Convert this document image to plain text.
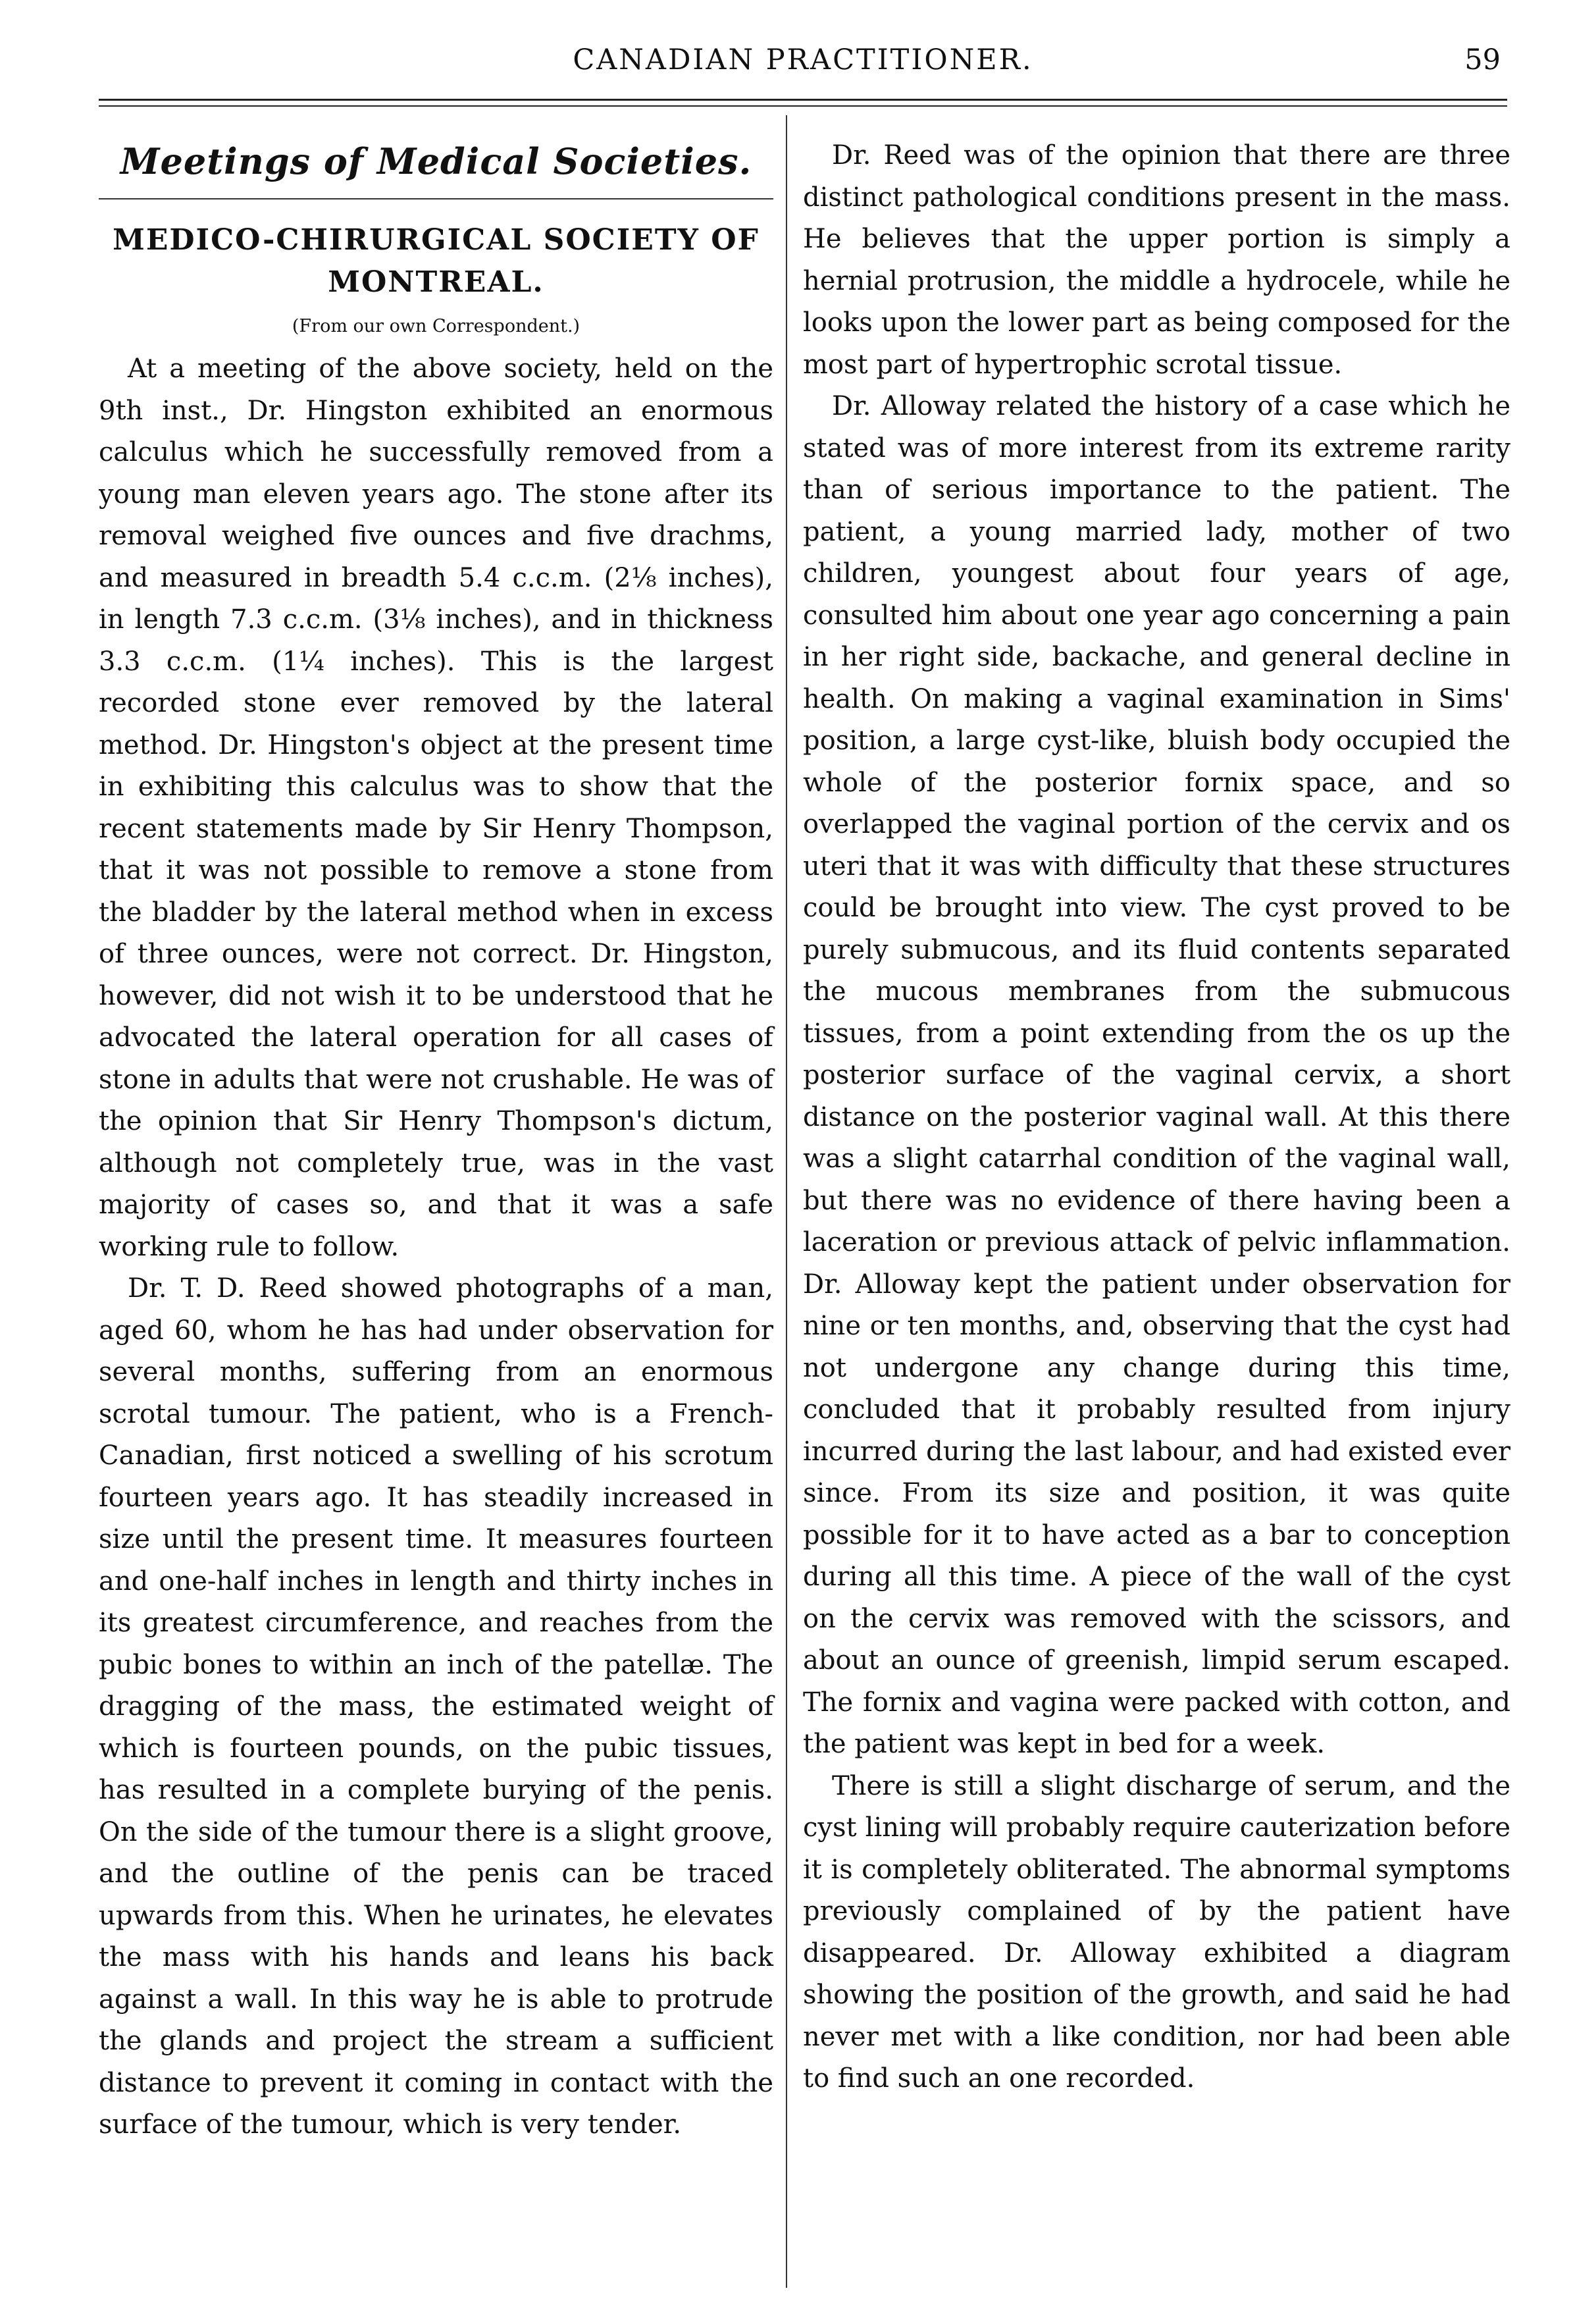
CANADIAN PRACTITIONER.	59
Meetings of Medical Societies.
MEDICO-CHIRURGICAL SOCIETY OF MONTREAL.
(From our own Correspondent.)

At a meeting of the above society, held on the 9th inst., Dr. Hingston exhibited an enormous calculus which he successfully removed from a young man eleven years ago. The stone after its removal weighed five ounces and five drachms, and measured in breadth 5.4 c.c.m. (2⅛ inches), in length 7.3 c.c.m. (3⅛ inches), and in thickness 3.3 c.c.m. (1¼ inches). This is the largest recorded stone ever removed by the lateral method. Dr. Hingston's object at the present time in exhibiting this calculus was to show that the recent statements made by Sir Henry Thompson, that it was not possible to remove a stone from the bladder by the lateral method when in excess of three ounces, were not correct. Dr. Hingston, however, did not wish it to be understood that he advocated the lateral operation for all cases of stone in adults that were not crushable. He was of the opinion that Sir Henry Thompson's dictum, although not completely true, was in the vast majority of cases so, and that it was a safe working rule to follow.

Dr. T. D. Reed showed photographs of a man, aged 60, whom he has had under observation for several months, suffering from an enormous scrotal tumour. The patient, who is a French-Canadian, first noticed a swelling of his scrotum fourteen years ago. It has steadily increased in size until the present time. It measures fourteen and one-half inches in length and thirty inches in its greatest circumference, and reaches from the pubic bones to within an inch of the patellæ. The dragging of the mass, the estimated weight of which is fourteen pounds, on the pubic tissues, has resulted in a complete burying of the penis. On the side of the tumour there is a slight groove, and the outline of the penis can be traced upwards from this. When he urinates, he elevates the mass with his hands and leans his back against a wall. In this way he is able to protrude the glands and project the stream a sufficient distance to prevent it coming in contact with the surface of the tumour, which is very tender.

Dr. Reed was of the opinion that there are three distinct pathological conditions present in the mass. He believes that the upper portion is simply a hernial protrusion, the middle a hydrocele, while he looks upon the lower part as being composed for the most part of hypertrophic scrotal tissue.

Dr. Alloway related the history of a case which he stated was of more interest from its extreme rarity than of serious importance to the patient. The patient, a young married lady, mother of two children, youngest about four years of age, consulted him about one year ago concerning a pain in her right side, backache, and general decline in health. On making a vaginal examination in Sims' position, a large cyst-like, bluish body occupied the whole of the posterior fornix space, and so overlapped the vaginal portion of the cervix and os uteri that it was with difficulty that these structures could be brought into view. The cyst proved to be purely submucous, and its fluid contents separated the mucous membranes from the submucous tissues, from a point extending from the os up the posterior surface of the vaginal cervix, a short distance on the posterior vaginal wall. At this there was a slight catarrhal condition of the vaginal wall, but there was no evidence of there having been a laceration or previous attack of pelvic inflammation. Dr. Alloway kept the patient under observation for nine or ten months, and, observing that the cyst had not undergone any change during this time, concluded that it probably resulted from injury incurred during the last labour, and had existed ever since. From its size and position, it was quite possible for it to have acted as a bar to conception during all this time. A piece of the wall of the cyst on the cervix was removed with the scissors, and about an ounce of greenish, limpid serum escaped. The fornix and vagina were packed with cotton, and the patient was kept in bed for a week.

There is still a slight discharge of serum, and the cyst lining will probably require cauterization before it is completely obliterated. The abnormal symptoms previously complained of by the patient have disappeared. Dr. Alloway exhibited a diagram showing the position of the growth, and said he had never met with a like condition, nor had been able to find such an one recorded.
